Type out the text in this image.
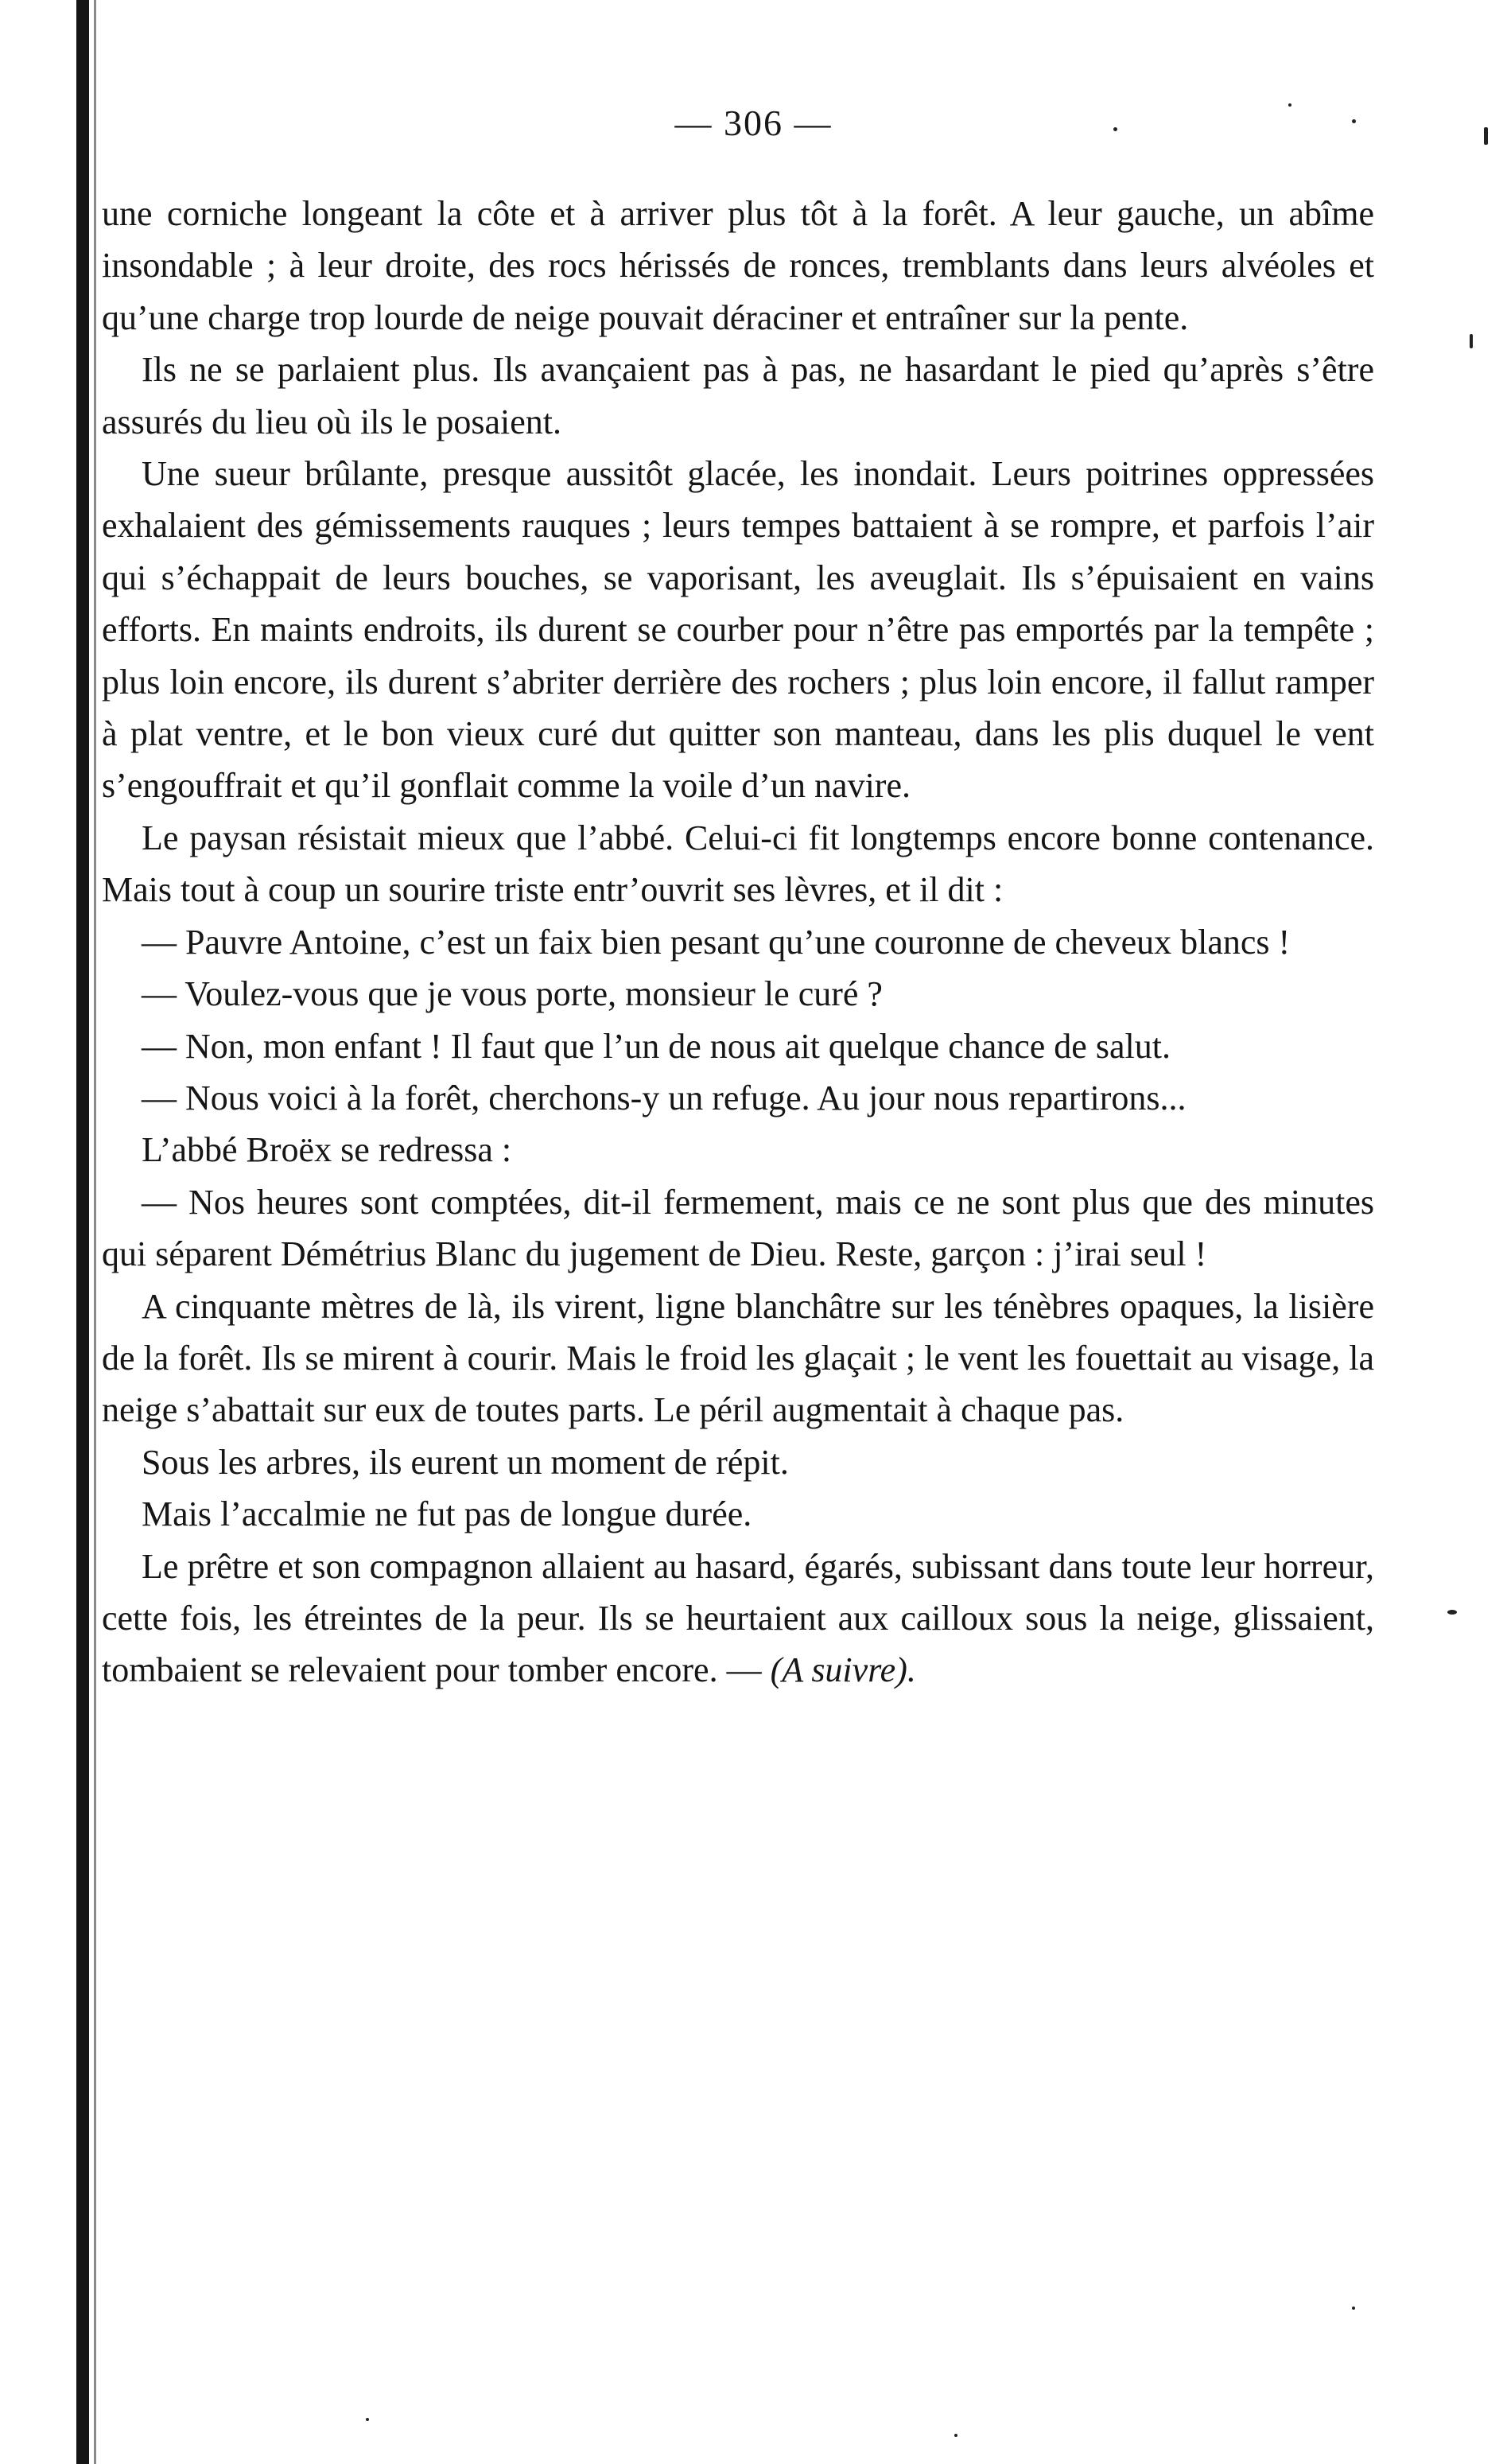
— 306 —

une corniche longeant la côte et à arriver plus tôt à la forêt. A leur gauche, un abîme insondable ; à leur droite, des rocs hérissés de ronces, tremblants dans leurs alvéoles et qu’une charge trop lourde de neige pouvait déraciner et entraîner sur la pente.

Ils ne se parlaient plus. Ils avançaient pas à pas, ne hasardant le pied qu’après s’être assurés du lieu où ils le posaient.

Une sueur brûlante, presque aussitôt glacée, les inondait. Leurs poitrines oppressées exhalaient des gémissements rauques ; leurs tempes battaient à se rompre, et parfois l’air qui s’échappait de leurs bouches, se vaporisant, les aveuglait. Ils s’épuisaient en vains efforts. En maints endroits, ils durent se courber pour n’être pas emportés par la tempête ; plus loin encore, ils durent s’abriter derrière des rochers ; plus loin encore, il fallut ramper à plat ventre, et le bon vieux curé dut quitter son manteau, dans les plis duquel le vent s’engouffrait et qu’il gonflait comme la voile d’un navire.

Le paysan résistait mieux que l’abbé. Celui-ci fit longtemps encore bonne contenance. Mais tout à coup un sourire triste entr’ouvrit ses lèvres, et il dit :

— Pauvre Antoine, c’est un faix bien pesant qu’une couronne de cheveux blancs !

— Voulez-vous que je vous porte, monsieur le curé ?

— Non, mon enfant ! Il faut que l’un de nous ait quelque chance de salut.

— Nous voici à la forêt, cherchons-y un refuge. Au jour nous repartirons...

L’abbé Broëx se redressa :

— Nos heures sont comptées, dit-il fermement, mais ce ne sont plus que des minutes qui séparent Démétrius Blanc du jugement de Dieu. Reste, garçon : j’irai seul !

A cinquante mètres de là, ils virent, ligne blanchâtre sur les ténèbres opaques, la lisière de la forêt. Ils se mirent à courir. Mais le froid les glaçait ; le vent les fouettait au visage, la neige s’abattait sur eux de toutes parts. Le péril augmentait à chaque pas.

Sous les arbres, ils eurent un moment de répit.

Mais l’accalmie ne fut pas de longue durée.

Le prêtre et son compagnon allaient au hasard, égarés, subissant dans toute leur horreur, cette fois, les étreintes de la peur. Ils se heurtaient aux cailloux sous la neige, glissaient, tombaient se relevaient pour tomber encore. — (A suivre).
